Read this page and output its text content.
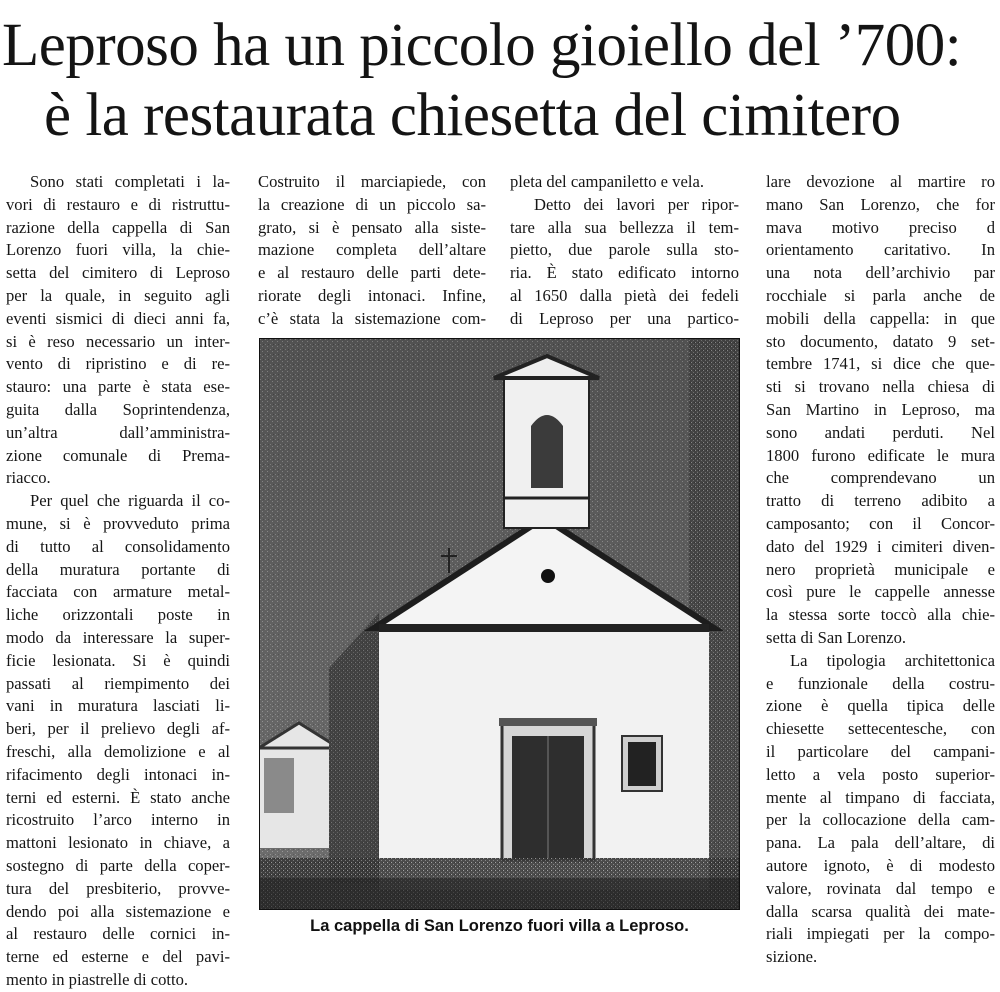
Leproso ha un piccolo gioiello del ’700:
è la restaurata chiesetta del cimitero
Sono stati completati i la-
vori di restauro e di ristruttu-
razione della cappella di San
Lorenzo fuori villa, la chie-
setta del cimitero di Leproso
per la quale, in seguito agli
eventi sismici di dieci anni fa,
si è reso necessario un inter-
vento di ripristino e di re-
stauro: una parte è stata ese-
guita dalla Soprintendenza,
un’altra dall’amministra-
zione comunale di Prema-
riacco.
Per quel che riguarda il co-
mune, si è provveduto prima
di tutto al consolidamento
della muratura portante di
facciata con armature metal-
liche orizzontali poste in
modo da interessare la super-
ficie lesionata. Si è quindi
passati al riempimento dei
vani in muratura lasciati li-
beri, per il prelievo degli af-
freschi, alla demolizione e al
rifacimento degli intonaci in-
terni ed esterni. È stato anche
ricostruito l’arco interno in
mattoni lesionato in chiave, a
sostegno di parte della coper-
tura del presbiterio, provve-
dendo poi alla sistemazione e
al restauro delle cornici in-
terne ed esterne e del pavi-
mento in piastrelle di cotto.
Costruito il marciapiede, con
la creazione di un piccolo sa-
grato, si è pensato alla siste-
mazione completa dell’altare
e al restauro delle parti dete-
riorate degli intonaci. Infine,
c’è stata la sistemazione com-
pleta del campaniletto e vela.
Detto dei lavori per ripor-
tare alla sua bellezza il tem-
pietto, due parole sulla sto-
ria. È stato edificato intorno
al 1650 dalla pietà dei fedeli
di Leproso per una partico-
lare devozione al martire ro
mano San Lorenzo, che for
mava motivo preciso d
orientamento caritativo. In
una nota dell’archivio par
rocchiale si parla anche de
mobili della cappella: in que
sto documento, datato 9 set-
tembre 1741, si dice che que-
sti si trovano nella chiesa di
San Martino in Leproso, ma
sono andati perduti. Nel
1800 furono edificate le mura
che comprendevano un
tratto di terreno adibito a
camposanto; con il Concor-
dato del 1929 i cimiteri diven-
nero proprietà municipale e
così pure le cappelle annesse
la stessa sorte toccò alla chie-
setta di San Lorenzo.
La tipologia architettonica
e funzionale della costru-
zione è quella tipica delle
chiesette settecentesche, con
il particolare del campani-
letto a vela posto superior-
mente al timpano di facciata,
per la collocazione della cam-
pana. La pala dell’altare, di
autore ignoto, è di modesto
valore, rovinata dal tempo e
dalla scarsa qualità dei mate-
riali impiegati per la compo-
sizione.
La cappella di San Lorenzo fuori villa a Leproso.
